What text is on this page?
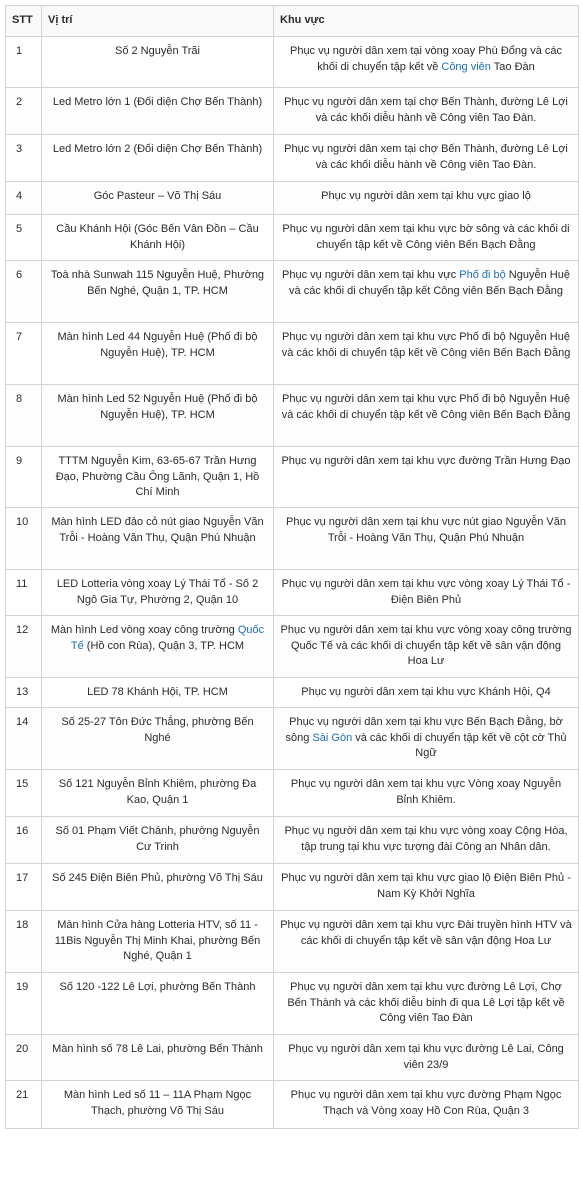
STT	Vị trí	Khu vực
1	Số 2 Nguyễn Trãi	Phục vụ người dân xem tại vòng xoay Phù Đổng và các khối di chuyển tập kết về Công viên Tao Đàn
2	Led Metro lớn 1 (Đối diện Chợ Bến Thành)	Phục vụ người dân xem tại chợ Bến Thành, đường Lê Lợi và các khối diễu hành về Công viên Tao Đàn.
3	Led Metro lớn 2 (Đối diện Chợ Bến Thành)	Phục vụ người dân xem tại chợ Bến Thành, đường Lê Lợi và các khối diễu hành về Công viên Tao Đàn.
4	Góc Pasteur – Võ Thị Sáu	Phục vụ người dân xem tại khu vực giao lộ
5	Cầu Khánh Hội (Góc Bến Vân Đồn – Cầu Khánh Hội)	Phục vụ người dân xem tại khu vực bờ sông và các khối di chuyển tập kết về Công viên Bến Bạch Đằng
6	Toà nhà Sunwah 115 Nguyễn Huệ, Phường Bến Nghé, Quận 1, TP. HCM	Phục vụ người dân xem tại khu vực Phố đi bộ Nguyễn Huệ và các khối di chuyển tập kết Công viên Bến Bạch Đằng
7	Màn hình Led 44 Nguyễn Huệ (Phố đi bộ Nguyễn Huệ), TP. HCM	Phục vụ người dân xem tại khu vực Phố đi bộ Nguyễn Huệ và các khối di chuyển tập kết về Công viên Bến Bạch Đằng
8	Màn hình Led 52 Nguyễn Huệ (Phố đi bộ Nguyễn Huệ), TP. HCM	Phục vụ người dân xem tại khu vực Phố đi bộ Nguyễn Huệ và các khối di chuyển tập kết về Công viên Bến Bạch Đằng
9	TTTM Nguyễn Kim, 63-65-67 Trần Hưng Đạo, Phường Cầu Ông Lãnh, Quận 1, Hồ Chí Minh	Phục vụ người dân xem tại khu vực đường Trần Hưng Đạo
10	Màn hình LED đảo cỏ nút giao Nguyễn Văn Trỗi - Hoàng Văn Thụ, Quận Phú Nhuận	Phục vụ người dân xem tại khu vực nút giao Nguyễn Văn Trỗi - Hoàng Văn Thụ, Quận Phú Nhuận
11	LED Lotteria vòng xoay Lý Thái Tổ - Số 2 Ngô Gia Tự, Phường 2, Quận 10	Phục vụ người dân xem tại khu vực vòng xoay Lý Thái Tổ - Điện Biên Phủ
12	Màn hình Led vòng xoay công trường Quốc Tế (Hồ con Rùa), Quận 3, TP. HCM	Phục vụ người dân xem tại khu vực vòng xoay công trường Quốc Tế và các khối di chuyển tập kết về sân vận động Hoa Lư
13	LED 78 Khánh Hội, TP. HCM	Phục vụ người dân xem tại khu vực Khánh Hội, Q4
14	Số 25-27 Tôn Đức Thắng, phường Bến Nghé	Phục vụ người dân xem tại khu vực Bến Bạch Đằng, bờ sông Sài Gòn và các khối di chuyển tập kết về cột cờ Thủ Ngữ
15	Số 121 Nguyễn Bỉnh Khiêm, phường Đa Kao, Quận 1	Phục vụ người dân xem tại khu vực Vòng xoay Nguyễn Bỉnh Khiêm.
16	Số 01 Phạm Viết Chánh, phường Nguyễn Cư Trinh	Phục vụ người dân xem tại khu vực vòng xoay Cộng Hòa, tập trung tại khu vực tượng đài Công an Nhân dân.
17	Số 245 Điện Biên Phủ, phường Võ Thị Sáu	Phục vụ người dân xem tại khu vực giao lộ Điện Biên Phủ - Nam Kỳ Khởi Nghĩa
18	Màn hình Cửa hàng Lotteria HTV, số 11 - 11Bis Nguyễn Thị Minh Khai, phường Bến Nghé, Quận 1	Phục vụ người dân xem tại khu vực Đài truyền hình HTV và các khối di chuyển tập kết về sân vận động Hoa Lư
19	Số 120 -122 Lê Lợi, phường Bến Thành	Phục vụ người dân xem tại khu vực đường Lê Lợi, Chợ Bến Thành và các khối diễu binh đi qua Lê Lợi tập kết về Công viên Tao Đàn
20	Màn hình số 78 Lê Lai, phường Bến Thành	Phục vụ người dân xem tại khu vực đường Lê Lai, Công viên 23/9
21	Màn hình Led số 11 – 11A Phạm Ngọc Thạch, phường Võ Thị Sáu	Phục vụ người dân xem tại khu vực đường Phạm Ngọc Thạch và Vòng xoay Hồ Con Rùa, Quận 3
